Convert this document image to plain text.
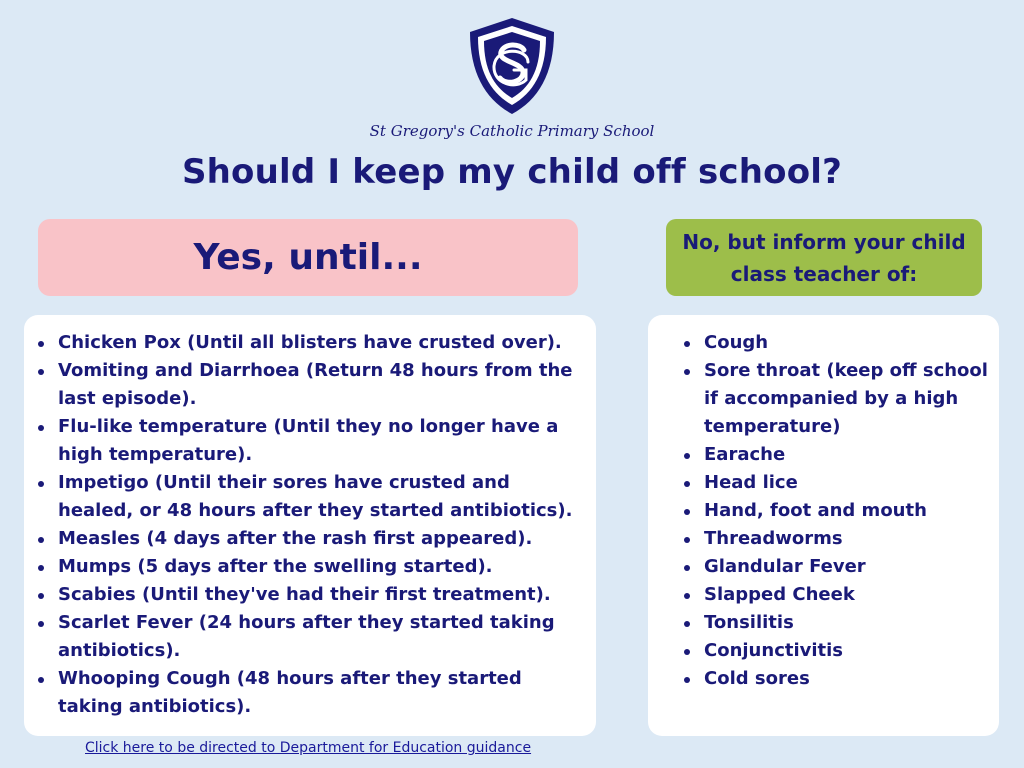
St Gregory's Catholic Primary School
Should I keep my child off school?
Yes, until...	No, but inform your child class teacher of:
Chicken Pox (Until all blisters have crusted over).
Vomiting and Diarrhoea (Return 48 hours from the last episode).
Flu-like temperature (Until they no longer have a high temperature).
Impetigo (Until their sores have crusted and healed, or 48 hours after they started antibiotics).
Measles (4 days after the rash first appeared).
Mumps (5 days after the swelling started).
Scabies (Until they've had their first treatment).
Scarlet Fever (24 hours after they started taking antibiotics).
Whooping Cough (48 hours after they started taking antibiotics).
Cough
Sore throat (keep off school if accompanied by a high temperature)
Earache
Head lice
Hand, foot and mouth
Threadworms
Glandular Fever
Slapped Cheek
Tonsilitis
Conjunctivitis
Cold sores
Click here to be directed to Department for Education guidance
